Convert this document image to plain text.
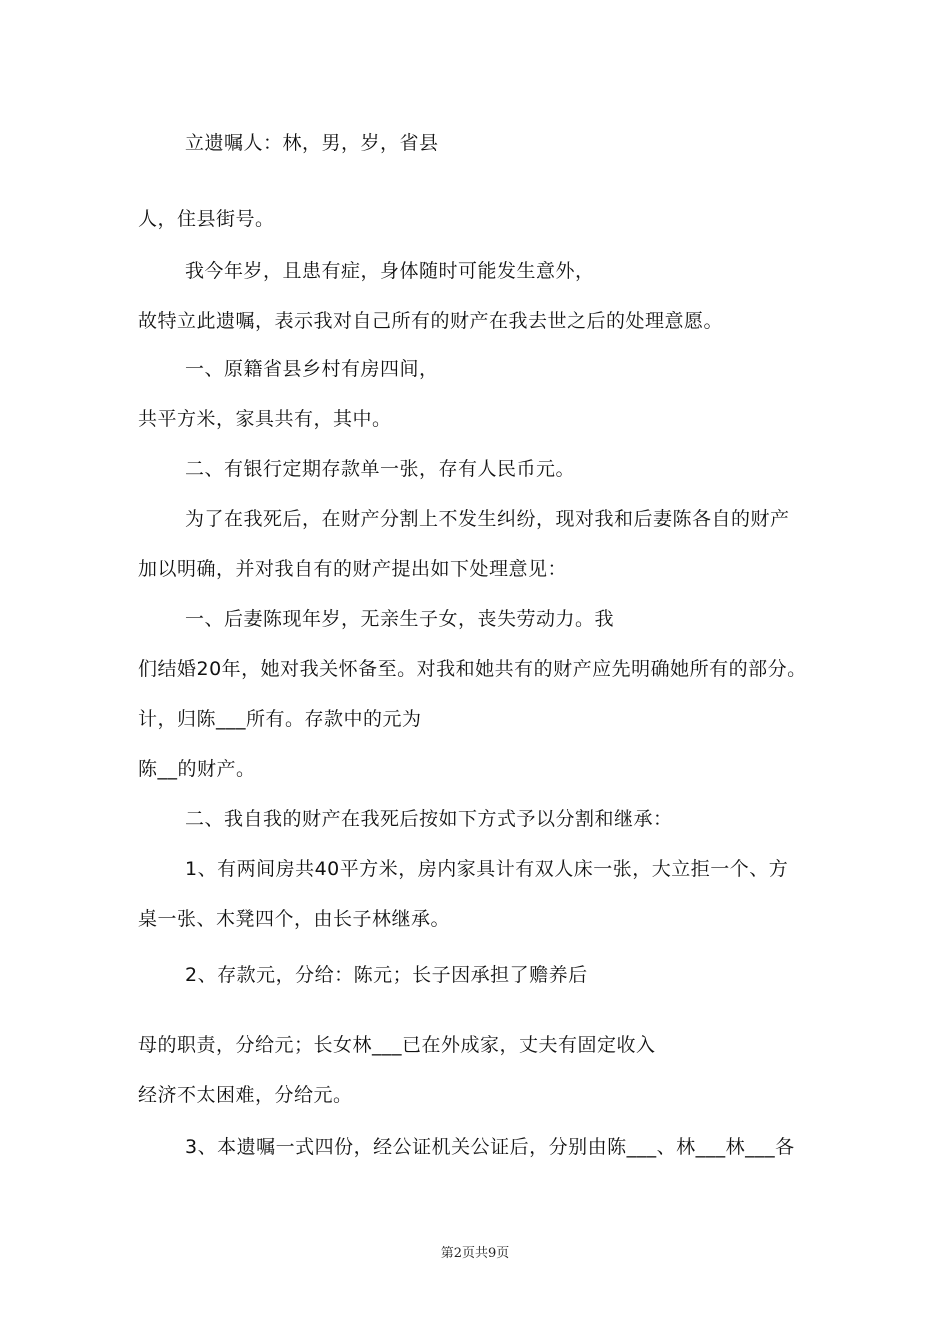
立遗嘱人：林，男，岁，省县

人，住县街号。

我今年岁，且患有症，身体随时可能发生意外，

故特立此遗嘱，表示我对自己所有的财产在我去世之后的处理意愿。

一、原籍省县乡村有房四间，

共平方米，家具共有，其中。

二、有银行定期存款单一张，存有人民币元。

为了在我死后，在财产分割上不发生纠纷，现对我和后妻陈各自的财产

加以明确，并对我自有的财产提出如下处理意见：

一、后妻陈现年岁，无亲生子女，丧失劳动力。我

们结婚20年，她对我关怀备至。对我和她共有的财产应先明确她所有的部分。

计，归陈___所有。存款中的元为

陈__的财产。

二、我自我的财产在我死后按如下方式予以分割和继承：

1、有两间房共40平方米，房内家具计有双人床一张，大立拒一个、方

桌一张、木凳四个，由长子林继承。

2、存款元，分给：陈元；长子因承担了赡养后

母的职责，分给元；长女林___已在外成家，丈夫有固定收入

经济不太困难，分给元。

3、本遗嘱一式四份，经公证机关公证后，分别由陈___、林___林___各

第2页共9页
